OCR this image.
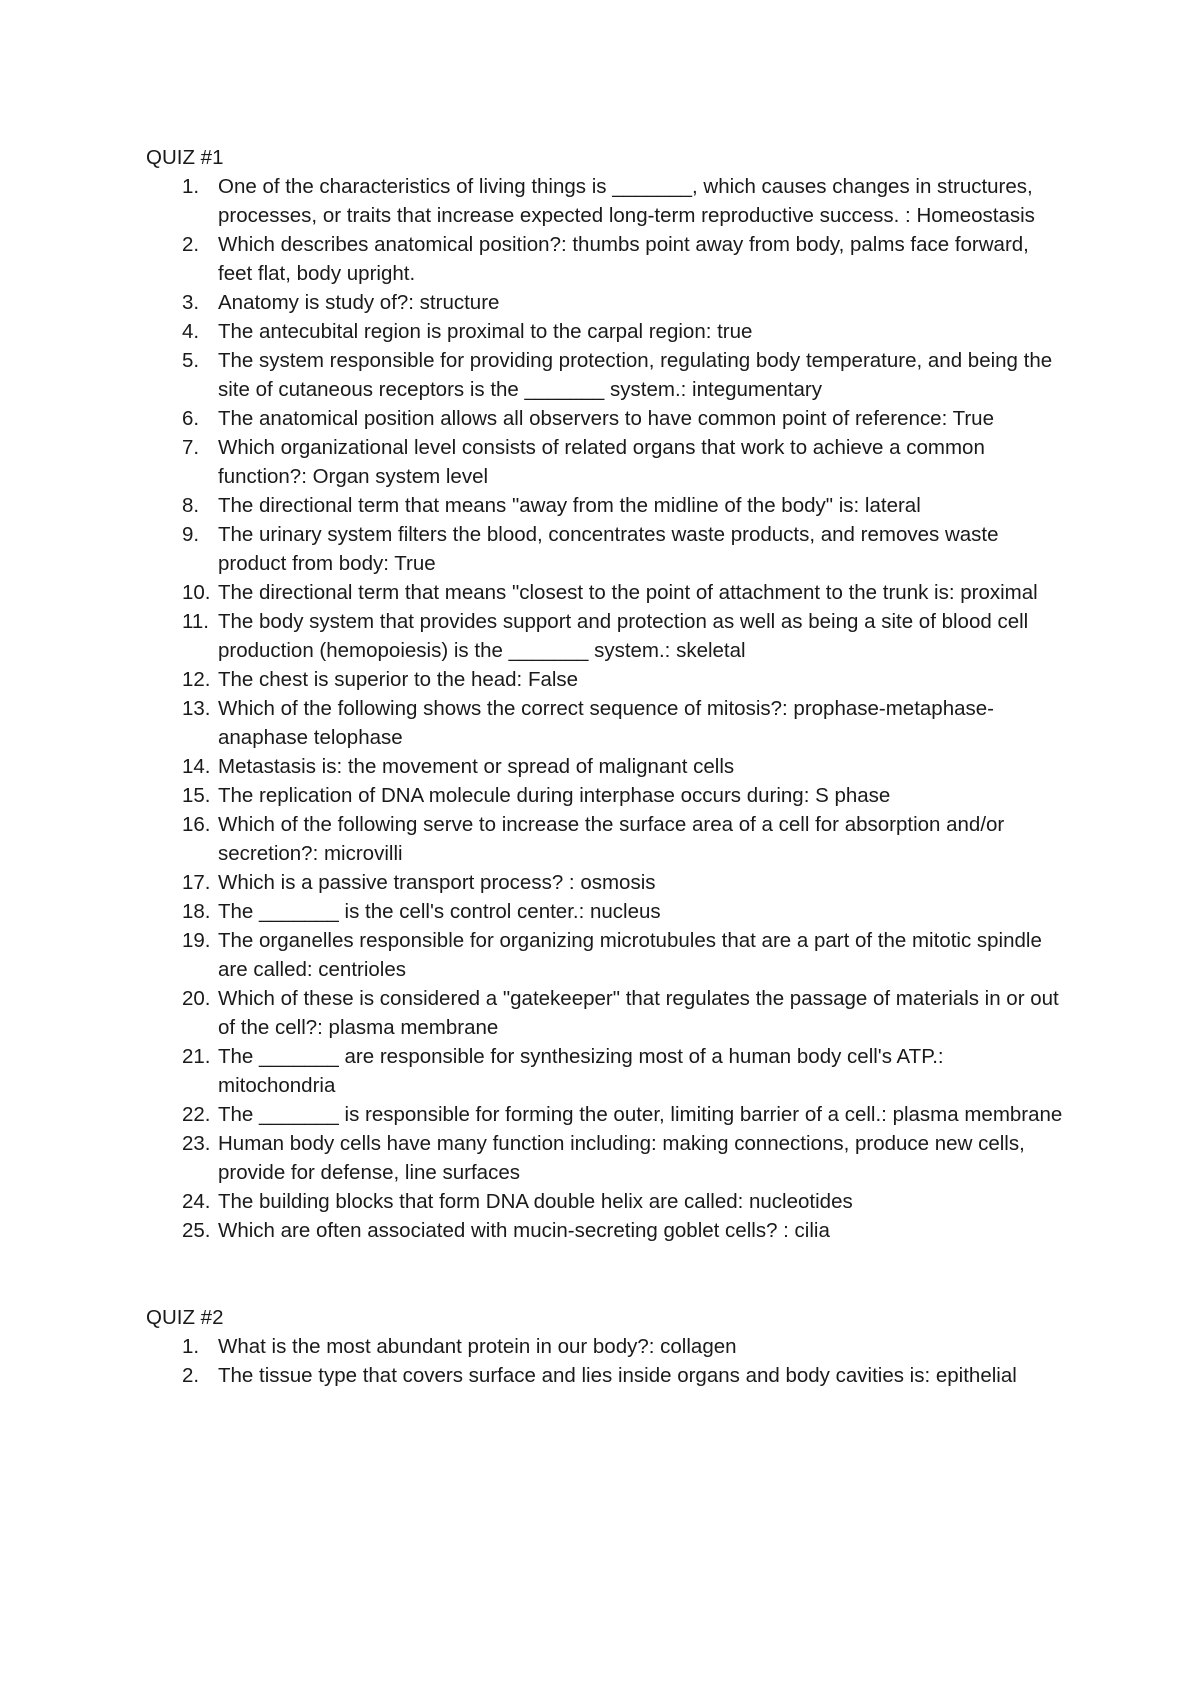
QUIZ #1
1. One of the characteristics of living things is _______, which causes changes in structures, processes, or traits that increase expected long-term reproductive success. : Homeostasis
2. Which describes anatomical position?: thumbs point away from body, palms face forward, feet flat, body upright.
3. Anatomy is study of?: structure
4. The antecubital region is proximal to the carpal region: true
5. The system responsible for providing protection, regulating body temperature, and being the site of cutaneous receptors is the _______ system.: integumentary
6. The anatomical position allows all observers to have common point of reference: True
7. Which organizational level consists of related organs that work to achieve a common function?: Organ system level
8. The directional term that means "away from the midline of the body" is: lateral
9. The urinary system filters the blood, concentrates waste products, and removes waste product from body: True
10. The directional term that means "closest to the point of attachment to the trunk is: proximal
11. The body system that provides support and protection as well as being a site of blood cell production (hemopoiesis) is the _______ system.: skeletal
12. The chest is superior to the head: False
13. Which of the following shows the correct sequence of mitosis?: prophase-metaphase-anaphase telophase
14. Metastasis is: the movement or spread of malignant cells
15. The replication of DNA molecule during interphase occurs during: S phase
16. Which of the following serve to increase the surface area of a cell for absorption and/or secretion?: microvilli
17. Which is a passive transport process? : osmosis
18. The _______ is the cell's control center.: nucleus
19. The organelles responsible for organizing microtubules that are a part of the mitotic spindle are called: centrioles
20. Which of these is considered a "gatekeeper" that regulates the passage of materials in or out of the cell?: plasma membrane
21. The _______ are responsible for synthesizing most of a human body cell's ATP.: mitochondria
22. The _______ is responsible for forming the outer, limiting barrier of a cell.: plasma membrane
23. Human body cells have many function including: making connections, produce new cells, provide for defense, line surfaces
24. The building blocks that form DNA double helix are called: nucleotides
25. Which are often associated with mucin-secreting goblet cells? : cilia
QUIZ #2
1. What is the most abundant protein in our body?: collagen
2. The tissue type that covers surface and lies inside organs and body cavities is: epithelial
